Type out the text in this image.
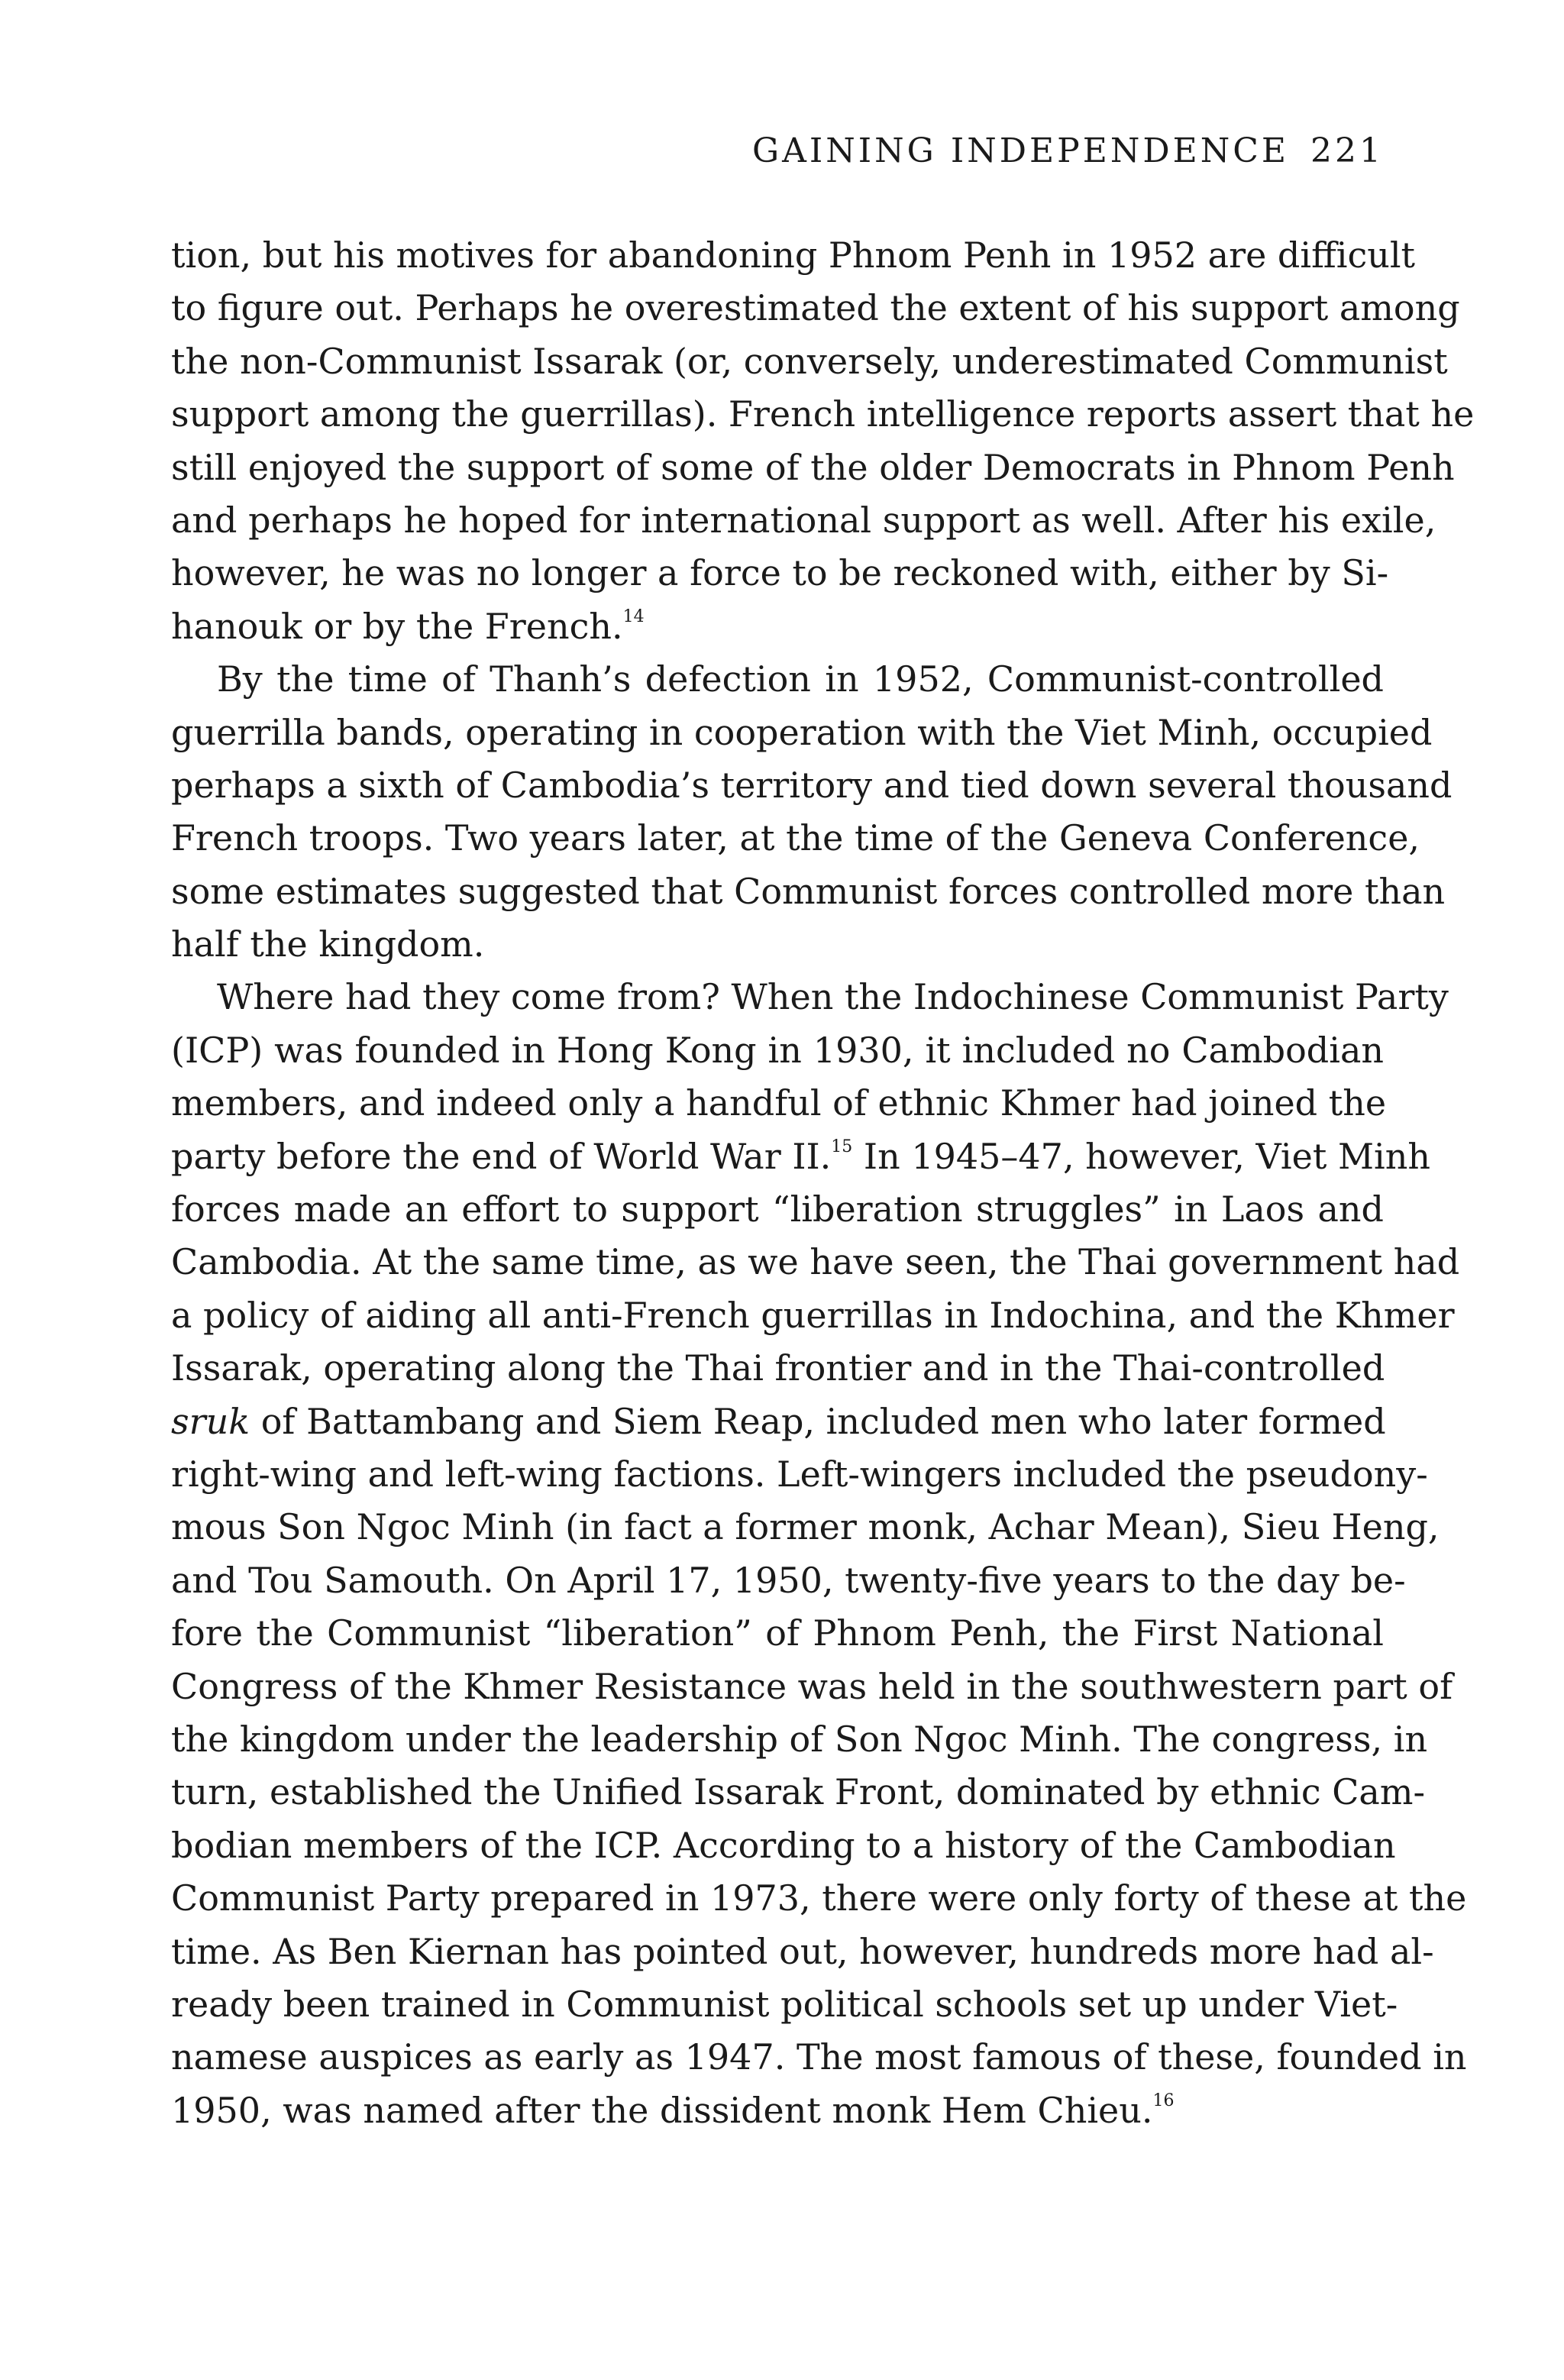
GAINING INDEPENDENCE 221
tion, but his motives for abandoning Phnom Penh in 1952 are difficult
to figure out. Perhaps he overestimated the extent of his support among
the non-Communist Issarak (or, conversely, underestimated Communist
support among the guerrillas). French intelligence reports assert that he
still enjoyed the support of some of the older Democrats in Phnom Penh
and perhaps he hoped for international support as well. After his exile,
however, he was no longer a force to be reckoned with, either by Si-
hanouk or by the French.$^{14}$
By the time of Thanh’s defection in 1952, Communist-controlled
guerrilla bands, operating in cooperation with the Viet Minh, occupied
perhaps a sixth of Cambodia’s territory and tied down several thousand
French troops. Two years later, at the time of the Geneva Conference,
some estimates suggested that Communist forces controlled more than
half the kingdom.
Where had they come from? When the Indochinese Communist Party
(ICP) was founded in Hong Kong in 1930, it included no Cambodian
members, and indeed only a handful of ethnic Khmer had joined the
party before the end of World War II.$^{15}$ In 1945–47, however, Viet Minh
forces made an effort to support “liberation struggles” in Laos and
Cambodia. At the same time, as we have seen, the Thai government had
a policy of aiding all anti-French guerrillas in Indochina, and the Khmer
Issarak, operating along the Thai frontier and in the Thai-controlled
sruk of Battambang and Siem Reap, included men who later formed
right-wing and left-wing factions. Left-wingers included the pseudony-
mous Son Ngoc Minh (in fact a former monk, Achar Mean), Sieu Heng,
and Tou Samouth. On April 17, 1950, twenty-five years to the day be-
fore the Communist “liberation” of Phnom Penh, the First National
Congress of the Khmer Resistance was held in the southwestern part of
the kingdom under the leadership of Son Ngoc Minh. The congress, in
turn, established the Unified Issarak Front, dominated by ethnic Cam-
bodian members of the ICP. According to a history of the Cambodian
Communist Party prepared in 1973, there were only forty of these at the
time. As Ben Kiernan has pointed out, however, hundreds more had al-
ready been trained in Communist political schools set up under Viet-
namese auspices as early as 1947. The most famous of these, founded in
1950, was named after the dissident monk Hem Chieu.$^{16}$
